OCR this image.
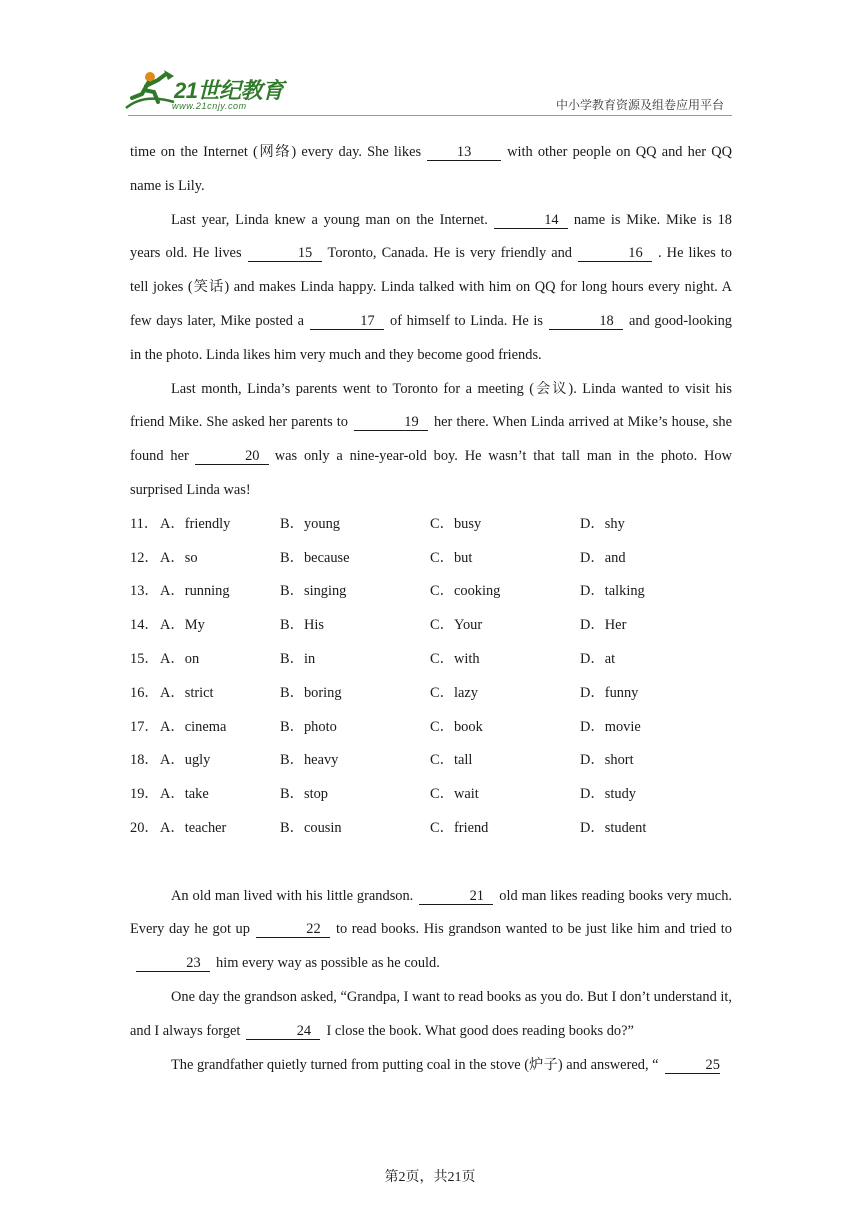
21世纪教育
www.21cnjy.com	中小学教育资源及组卷应用平台

time on the Internet (网络) every day. She likes 13 with other people on QQ and her QQ name is Lily.

Last year, Linda knew a young man on the Internet.	14 name is Mike. Mike is 18 years old. He lives	15 Toronto, Canada. He is very friendly and	16 . He likes to tell jokes (笑话) and makes Linda happy. Linda talked with him on QQ for long hours every night. A few days later, Mike posted a	17 of himself to Linda. He is	18 and good-looking in the photo. Linda likes him very much and they become good friends.

Last month, Linda’s parents went to Toronto for a meeting (会议). Linda wanted to visit his friend Mike. She asked her parents to	19 her there. When Linda arrived at Mike’s house, she found her	20 was only a nine-year-old boy. He wasn’t that tall man in the photo. How surprised Linda was!

11． A．friendly	B．young	C．busy	D．shy
12． A．so	B．because	C．but	D．and
13． A．running	B．singing	C．cooking	D．talking
14． A．My	B．His	C．Your	D．Her
15． A．on	B．in	C．with	D．at
16． A．strict	B．boring	C．lazy	D．funny
17． A．cinema	B．photo	C．book	D．movie
18． A．ugly	B．heavy	C．tall	D．short
19． A．take	B．stop	C．wait	D．study
20． A．teacher	B．cousin	C．friend	D．student

An old man lived with his little grandson.	21 old man likes reading books very much. Every day he got up	22 to read books. His grandson wanted to be just like him and tried to23 him every way as possible as he could.

One day the grandson asked, “Grandpa, I want to read books as you do. But I don’t understand it, and I always forget	24 I close the book. What good does reading books do?”

The grandfather quietly turned from putting coal in the stove (炉子) and answered, “	25

第2页，共21页
